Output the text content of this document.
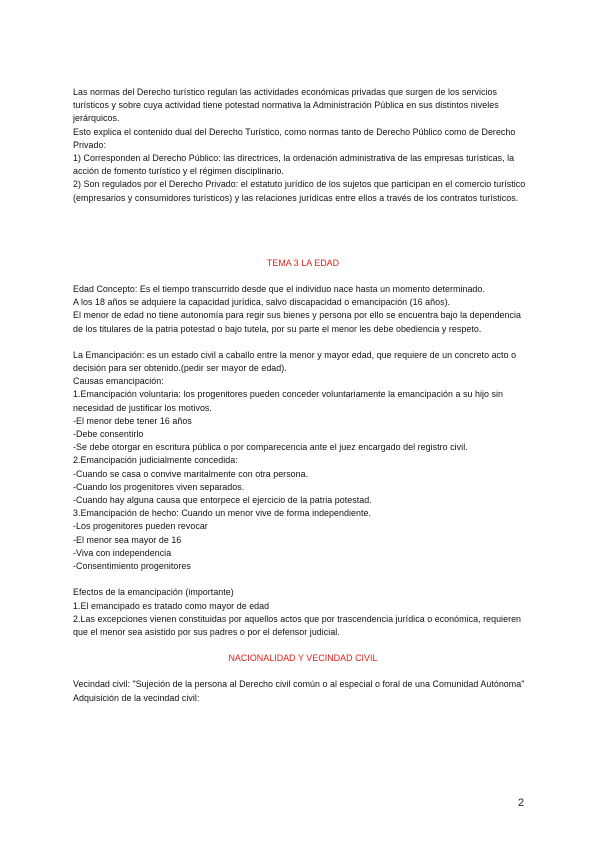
Las normas del Derecho turístico regulan las actividades económicas privadas que surgen de los servicios turísticos y sobre cuya actividad tiene potestad normativa la Administración Pública en sus distintos niveles jerárquicos.

Esto explica el contenido dual del Derecho Turístico, como normas tanto de Derecho Público como de Derecho Privado:

1) Corresponden al Derecho Público: las directrices, la ordenación administrativa de las empresas turísticas, la acción de fomento turístico y el régimen disciplinario.

2) Son regulados por el Derecho Privado: el estatuto jurídico de los sujetos que participan en el comercio turístico (empresarios y consumidores turísticos) y las relaciones jurídicas entre ellos a través de los contratos turísticos.

TEMA 3 LA EDAD

Edad Concepto: Es el tiempo transcurrido desde que el individuo nace hasta un momento determinado.

A los 18 años se adquiere la capacidad jurídica, salvo discapacidad o emancipación (16 años).

El menor de edad no tiene autonomía para regir sus bienes y persona por ello se encuentra bajo la dependencia de los titulares de la patria potestad o bajo tutela, por su parte el menor les debe obediencia y respeto.

La Emancipación: es un estado civil a caballo entre la menor y mayor edad, que requiere de un concreto acto o decisión para ser obtenido.(pedir ser mayor de edad).

Causas emancipación:

1.Emancipación voluntaria: los progenitores pueden conceder voluntariamente la emancipación a su hijo sin necesidad de justificar los motivos.

-El menor debe tener 16 años

-Debe consentirlo

-Se debe otorgar en escritura pública o por comparecencia ante el juez encargado del registro civil.

2.Emancipación judicialmente concedida:

-Cuando se casa o convive maritalmente con otra persona.

-Cuando los progenitores viven separados.

-Cuando hay alguna causa que entorpece el ejercicio de la patria potestad.

3.Emancipación de hecho: Cuando un menor vive de forma independiente.

-Los progenitores pueden revocar

-El menor sea mayor de 16

-Viva con independencia

-Consentimiento progenitores

Efectos de la emancipación (importante)

1.El emancipado es tratado como mayor de edad

2.Las excepciones vienen constituidas por aquellos actos que por trascendencia jurídica o económica, requieren que el menor sea asistido por sus padres o por el defensor judicial.

NACIONALIDAD Y VECINDAD CIVIL

Vecindad civil: "Sujeción de la persona al Derecho civil común o al especial o foral de una Comunidad Autónoma"

Adquisición de la vecindad civil:

2
